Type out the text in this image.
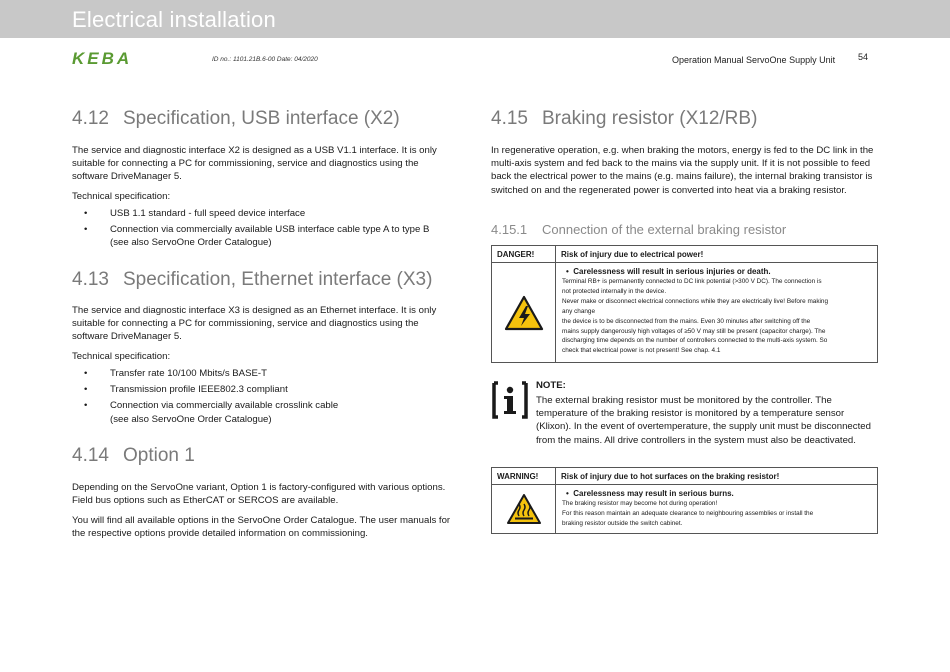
Electrical installation
KEBA	ID no.: 1101.21B.6-00 Date: 04/2020	Operation Manual ServoOne Supply Unit	54
4.12 Specification, USB interface (X2)

The service and diagnostic interface X2 is designed as a USB V1.1 interface. It is only suitable for connecting a PC for commissioning, service and diagnostics using the software DriveManager 5.

Technical specification:

• USB 1.1 standard - full speed device interface
• Connection via commercially available USB interface cable type A to type B (see also ServoOne Order Catalogue)
4.13 Specification, Ethernet interface (X3)

The service and diagnostic interface X3 is designed as an Ethernet interface. It is only suitable for connecting a PC for commissioning, service and diagnostics using the software DriveManager 5.

Technical specification:

• Transfer rate 10/100 Mbits/s BASE-T
• Transmission profile IEEE802.3 compliant
• Connection via commercially available crosslink cable (see also ServoOne Order Catalogue)
4.14 Option 1

Depending on the ServoOne variant, Option 1 is factory-configured with various options. Field bus options such as EtherCAT or SERCOS are available.

You will find all available options in the ServoOne Order Catalogue. The user manuals for the respective options provide detailed information on commissioning.

4.15 Braking resistor (X12/RB)

In regenerative operation, e.g. when braking the motors, energy is fed to the DC link in the multi-axis system and fed back to the mains via the supply unit. If it is not possible to feed back the electrical power to the mains (e.g. mains failure), the internal braking transistor is switched on and the regenerated power is converted into heat via a braking resistor.

4.15.1 Connection of the external braking resistor
DANGER!	Risk of injury due to electrical power!
•  Carelessness will result in serious injuries or death.
Terminal RB+ is permanently connected to DC link potential (>300 V DC). The connection is
not protected internally in the device.
Never make or disconnect electrical connections while they are electrically live! Before making
any change
the device is to be disconnected from the mains. Even 30 minutes after switching off the
mains supply dangerously high voltages of ≥50 V may still be present (capacitor charge). The
discharging time depends on the number of controllers connected to the multi-axis system. So
check that electrical power is not present! See chap. 4.1
NOTE:
The external braking resistor must be monitored by the controller. The temperature of the braking resistor is monitored by a temperature sensor (Klixon). In the event of overtemperature, the supply unit must be disconnected from the mains. All drive controllers in the system must also be deactivated.
WARNING!	Risk of injury due to hot surfaces on the braking resistor!
•  Carelessness may result in serious burns.
The braking resistor may become hot during operation!
For this reason maintain an adequate clearance to neighbouring assemblies or install the
braking resistor outside the switch cabinet.
